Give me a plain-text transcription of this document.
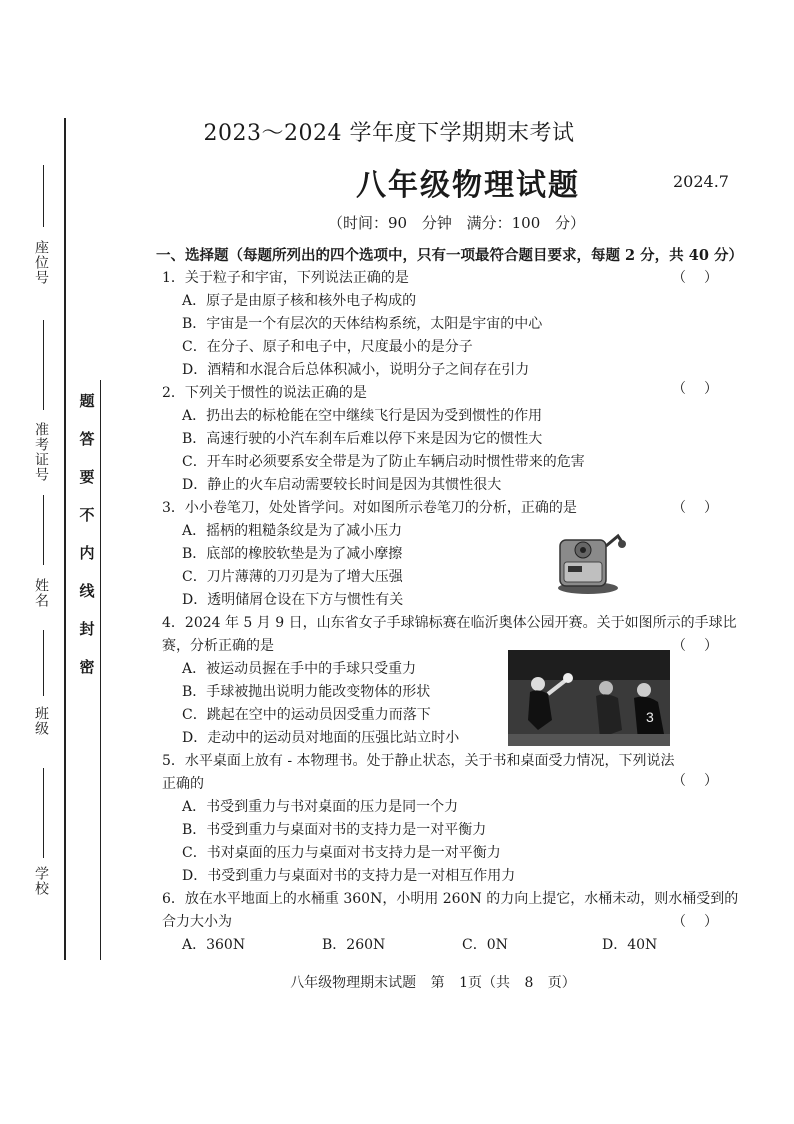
座位号
准考证号
姓名
班级
学校
题
答
要
不
内
线
封
密
2023～2024 学年度下学期期末考试
八年级物理试题	2024.7
（时间：90 分钟 满分：100 分）
一、选择题（每题所列出的四个选项中，只有一项最符合题目要求，每题 2 分，共 40 分）
1．关于粒子和宇宙，下列说法正确的是	（）
A．原子是由原子核和核外电子构成的
B．宇宙是一个有层次的天体结构系统，太阳是宇宙的中心
C．在分子、原子和电子中，尺度最小的是分子
D．酒精和水混合后总体积减小，说明分子之间存在引力
2．下列关于惯性的说法正确的是	（）
A．扔出去的标枪能在空中继续飞行是因为受到惯性的作用
B．高速行驶的小汽车刹车后难以停下来是因为它的惯性大
C．开车时必须要系安全带是为了防止车辆启动时惯性带来的危害
D．静止的火车启动需要较长时间是因为其惯性很大
3．小小卷笔刀，处处皆学问。对如图所示卷笔刀的分析，正确的是	（）
A．摇柄的粗糙条纹是为了减小压力
B．底部的橡胶软垫是为了减小摩擦
C．刀片薄薄的刀刃是为了增大压强
D．透明储屑仓设在下方与惯性有关
4．2024 年 5 月 9 日，山东省女子手球锦标赛在临沂奥体公园开赛。关于如图所示的手球比
赛，分析正确的是	（）
A．被运动员握在手中的手球只受重力
B．手球被抛出说明力能改变物体的形状
C．跳起在空中的运动员因受重力而落下
D．走动中的运动员对地面的压强比站立时小
5．水平桌面上放有 - 本物理书。处于静止状态，关于书和桌面受力情况，下列说法
正确的	（）
A．书受到重力与书对桌面的压力是同一个力
B．书受到重力与桌面对书的支持力是一对平衡力
C．书对桌面的压力与桌面对书支持力是一对平衡力
D．书受到重力与桌面对书的支持力是一对相互作用力
6．放在水平地面上的水桶重 360N，小明用 260N 的力向上提它，水桶未动，则水桶受到的
合力大小为	（）
A．360N	B．260N	C．0N	D．40N
3
八年级物理期末试题 第 1页（共 8 页）
